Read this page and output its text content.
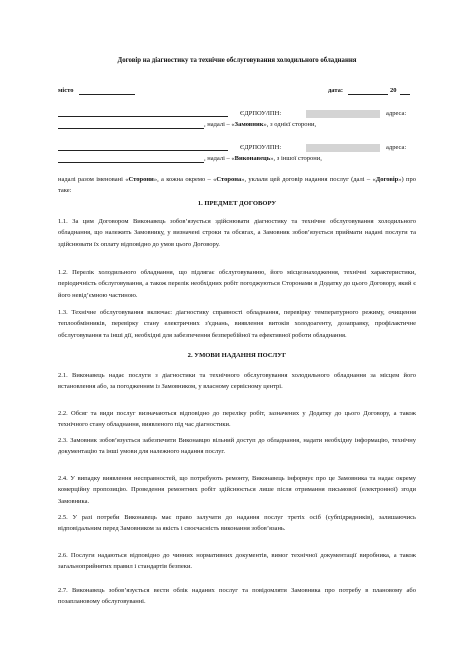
Договір на діагностику та технічне обслуговування холодильного обладнання
місто	дата:	20
ЄДРПОУ/ІПН:	адреса:
, надалі – «Замовник», з однієї сторони,
ЄДРПОУ/ІПН:	адреса:
, надалі – «Виконавець», з іншої сторони,
надалі разом іменовані «Сторони», а кожна окремо – «Сторона», уклали цей договір надання послуг (далі – «Договір») про таке:
1. ПРЕДМЕТ ДОГОВОРУ
1.1. За цим Договором Виконавець зобов’язується здійснювати діагностику та технічне обслуговування холодильного обладнання, що належить Замовнику, у визначені строки та обсягах, а Замовник зобов’язується приймати надані послуги та здійснювати їх оплату відповідно до умов цього Договору.
1.2. Перелік холодильного обладнання, що підлягає обслуговуванню, його місцезнаходження, технічні характеристики, періодичність обслуговування, а також перелік необхідних робіт погоджуються Сторонами в Додатку до цього Договору, який є його невід’ємною частиною.
1.3. Технічне обслуговування включає: діагностику справності обладнання, перевірку температурного режиму, очищення теплообмінників, перевірку стану електричних з'єднань, виявлення витоків холодоагенту, дозаправку, профілактичне обслуговування та інші дії, необхідні для забезпечення безперебійної та ефективної роботи обладнання.
2. УМОВИ НАДАННЯ ПОСЛУГ
2.1. Виконавець надає послуги з діагностики та технічного обслуговування холодильного обладнання за місцем його встановлення або, за погодженням із Замовником, у власному сервісному центрі.
2.2. Обсяг та види послуг визначаються відповідно до переліку робіт, зазначених у Додатку до цього Договору, а також технічного стану обладнання, виявленого під час діагностики.
2.3. Замовник зобов’язується забезпечити Виконавцю вільний доступ до обладнання, надати необхідну інформацію, технічну документацію та інші умови для належного надання послуг.
2.4. У випадку виявлення несправностей, що потребують ремонту, Виконавець інформує про це Замовника та надає окрему комерційну пропозицію. Проведення ремонтних робіт здійснюється лише після отримання письмової (електронної) згоди Замовника.
2.5. У разі потреби Виконавець має право залучати до надання послуг третіх осіб (субпідрядників), залишаючись відповідальним перед Замовником за якість і своєчасність виконання зобов’язань.
2.6. Послуги надаються відповідно до чинних нормативних документів, вимог технічної документації виробника, а також загальноприйнятих правил і стандартів безпеки.
2.7. Виконавець зобов’язується вести облік наданих послуг та повідомляти Замовника про потребу в плановому або позаплановому обслуговуванні.
